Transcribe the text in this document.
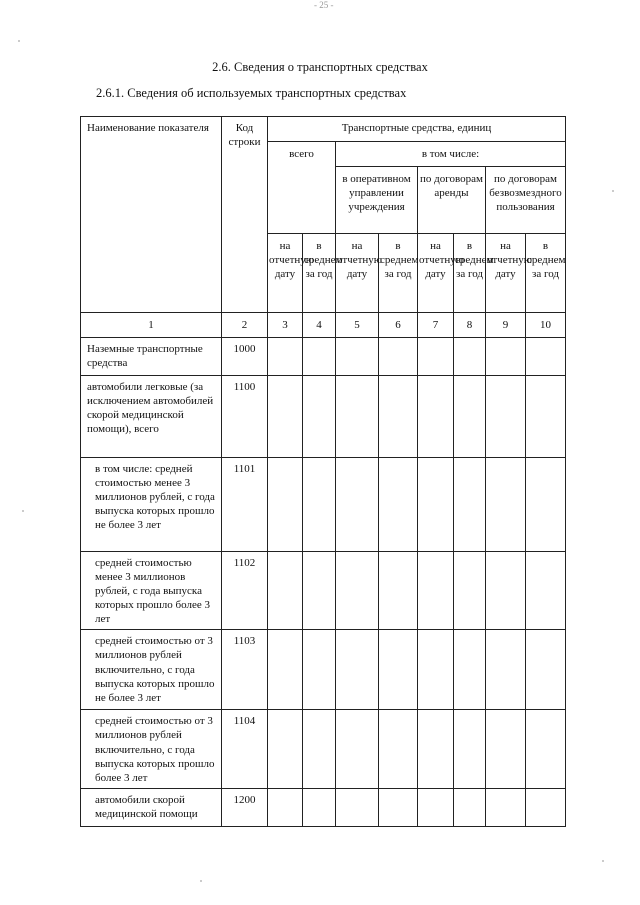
- 25 -
2.6. Сведения о транспортных средствах
2.6.1. Сведения об используемых транспортных средствах
Наименование показателя	Код строки	Транспортные средства, единиц							
		всего		в том числе:					
				в оперативном управлении учреждения		по договорам аренды		по договорам безвозмездного пользования	
		на отчетную дату	в среднем за год	на отчетную дату	в среднем за год	на отчетную дату	в среднем за год	на отчетную дату	в среднем за год
1	2	3	4	5	6	7	8	9	10
Наземные транспортные средства	1000								
автомобили легковые (за исключением автомобилей скорой медицинской помощи), всего	1100								
в том числе: средней стоимостью менее 3 миллионов рублей, с года выпуска которых прошло не более 3 лет	1101								
средней стоимостью менее 3 миллионов рублей, с года выпуска которых прошло более 3 лет	1102								
средней стоимостью от 3 миллионов рублей включительно, с года выпуска которых прошло не более 3 лет	1103								
средней стоимостью от 3 миллионов рублей включительно, с года выпуска которых прошло более 3 лет	1104								
автомобили скорой медицинской помощи	1200								
